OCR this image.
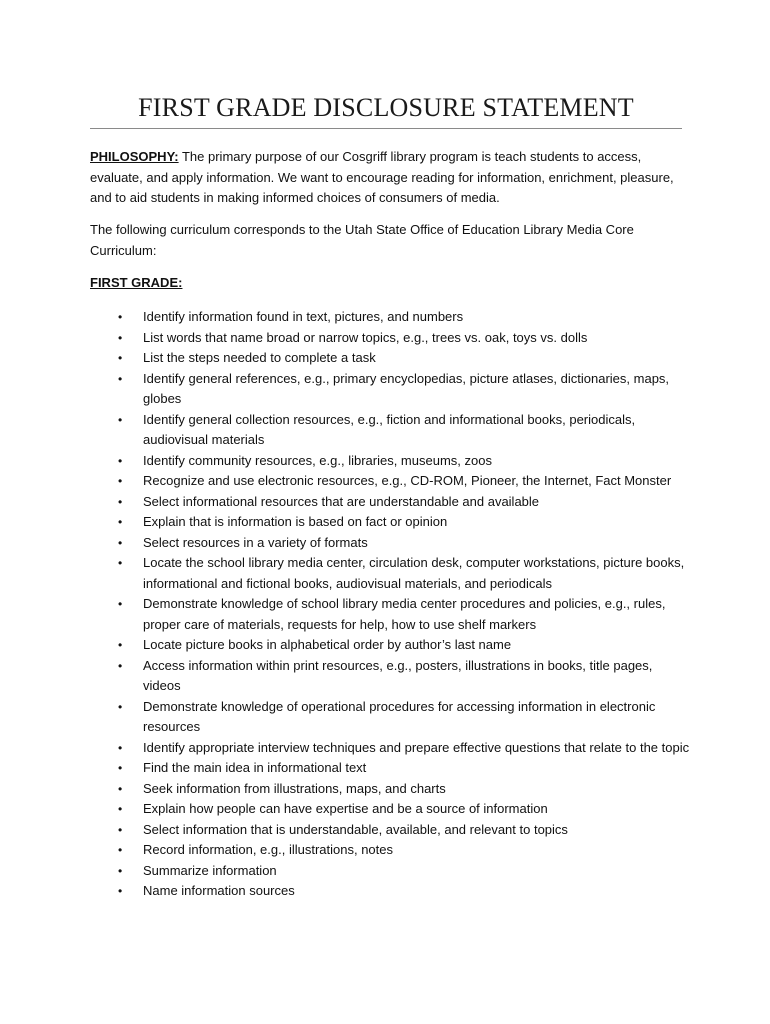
FIRST GRADE DISCLOSURE STATEMENT

PHILOSOPHY: The primary purpose of our Cosgriff library program is teach students to access, evaluate, and apply information. We want to encourage reading for information, enrichment, pleasure, and to aid students in making informed choices of consumers of media.

The following curriculum corresponds to the Utah State Office of Education Library Media Core Curriculum:

FIRST GRADE:

• Identify information found in text, pictures, and numbers
• List words that name broad or narrow topics, e.g., trees vs. oak, toys vs. dolls
• List the steps needed to complete a task
• Identify general references, e.g., primary encyclopedias, picture atlases, dictionaries, maps, globes
• Identify general collection resources, e.g., fiction and informational books, periodicals, audiovisual materials
• Identify community resources, e.g., libraries, museums, zoos
• Recognize and use electronic resources, e.g., CD-ROM, Pioneer, the Internet, Fact Monster
• Select informational resources that are understandable and available
• Explain that is information is based on fact or opinion
• Select resources in a variety of formats
• Locate the school library media center, circulation desk, computer workstations, picture books, informational and fictional books, audiovisual materials, and periodicals
• Demonstrate knowledge of school library media center procedures and policies, e.g., rules, proper care of materials, requests for help, how to use shelf markers
• Locate picture books in alphabetical order by author’s last name
• Access information within print resources, e.g., posters, illustrations in books, title pages, videos
• Demonstrate knowledge of operational procedures for accessing information in electronic resources
• Identify appropriate interview techniques and prepare effective questions that relate to the topic
• Find the main idea in informational text
• Seek information from illustrations, maps, and charts
• Explain how people can have expertise and be a source of information
• Select information that is understandable, available, and relevant to topics
• Record information, e.g., illustrations, notes
• Summarize information
• Name information sources
